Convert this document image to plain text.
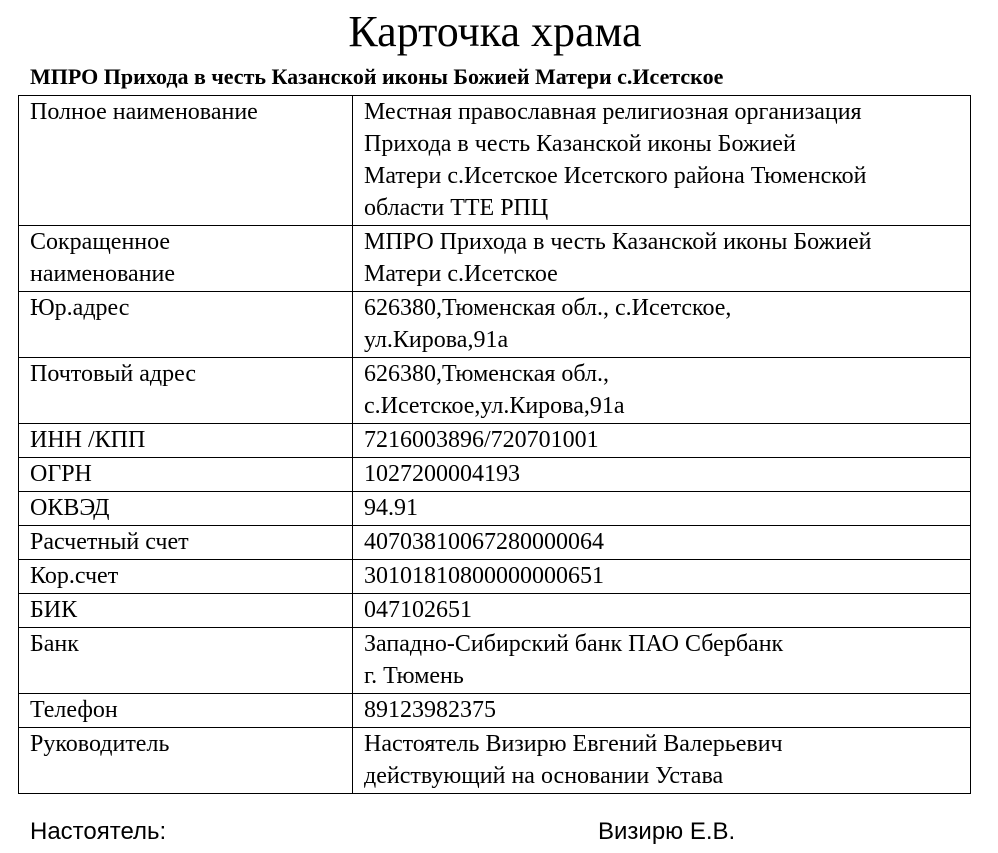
Карточка храма
МПРО Прихода в честь Казанской иконы Божией Матери с.Исетское
Полное наименование	Местная православная религиозная организация
Прихода в честь Казанской иконы Божией
Матери с.Исетское Исетского района Тюменской
области ТТЕ РПЦ
Сокращенное
наименование	МПРО Прихода в честь Казанской иконы Божией
Матери с.Исетское
Юр.адрес	626380,Тюменская обл., с.Исетское,
ул.Кирова,91а
Почтовый адрес	626380,Тюменская обл.,
с.Исетское,ул.Кирова,91а
ИНН /КПП	7216003896/720701001
ОГРН	1027200004193
ОКВЭД	94.91
Расчетный счет	40703810067280000064
Кор.счет	30101810800000000651
БИК	047102651
Банк	Западно-Сибирский банк ПАО Сбербанк
г. Тюмень
Телефон	89123982375
Руководитель	Настоятель Визирю Евгений Валерьевич
действующий на основании Устава
Настоятель:	Визирю Е.В.
